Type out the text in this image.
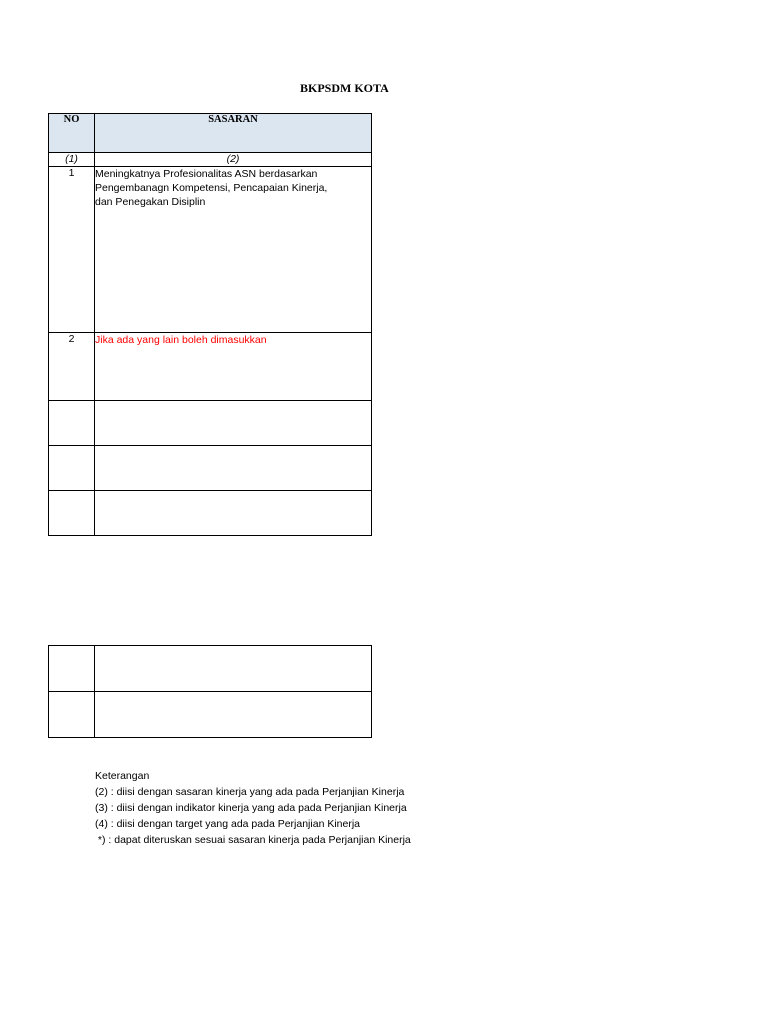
BKPSDM KOTA
NO	SASARAN
(1)	(2)
1	Meningkatnya Profesionalitas ASN berdasarkan
Pengembanagn Kompetensi, Pencapaian Kinerja,
dan Penegakan Disiplin
2	Jika ada yang lain boleh dimasukkan

Keterangan
(2) : diisi dengan sasaran kinerja yang ada pada Perjanjian Kinerja
(3) : diisi dengan indikator kinerja yang ada pada Perjanjian Kinerja
(4) : diisi dengan target yang ada pada Perjanjian Kinerja
*) : dapat diteruskan sesuai sasaran kinerja pada Perjanjian Kinerja
